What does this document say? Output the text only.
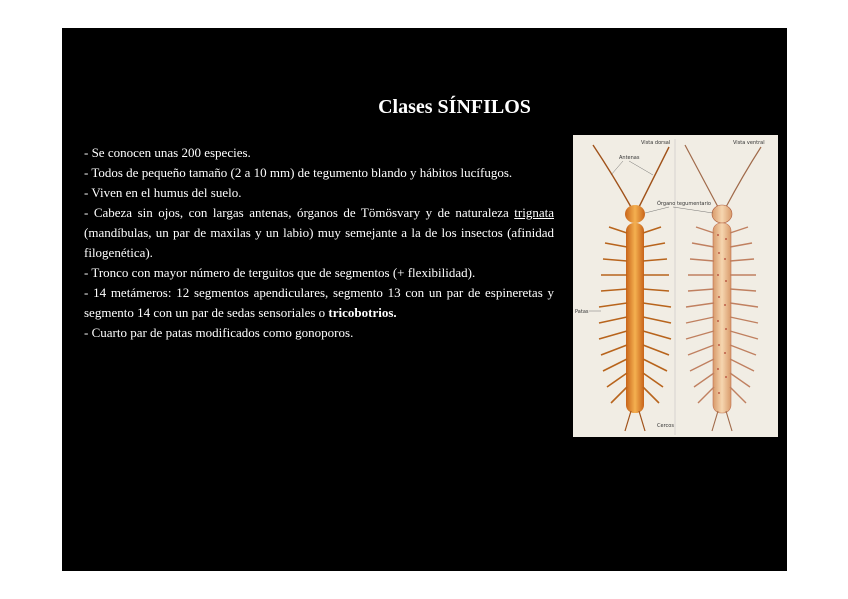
Clases SÍNFILOS

- Se conocen unas 200 especies.

- Todos de pequeño tamaño (2 a 10 mm) de tegumento blando y hábitos lucífugos.

- Viven en el humus del suelo.

- Cabeza sin ojos, con largas antenas, órganos de Tömösvary y de naturaleza trignata (mandíbulas, un par de maxilas y un labio) muy semejante a la de los insectos (afinidad filogenética).

- Tronco con mayor número de terguitos que de segmentos (+ flexibilidad).

- 14 metámeros: 12 segmentos apendiculares, segmento 13 con un par de espineretas y segmento 14 con un par de sedas sensoriales o tricobotrios.

- Cuarto par de patas modificados como gonoporos.

Vista dorsal	Vista ventral
Antenas
Órgano tegumentario
Patas
Cercos
